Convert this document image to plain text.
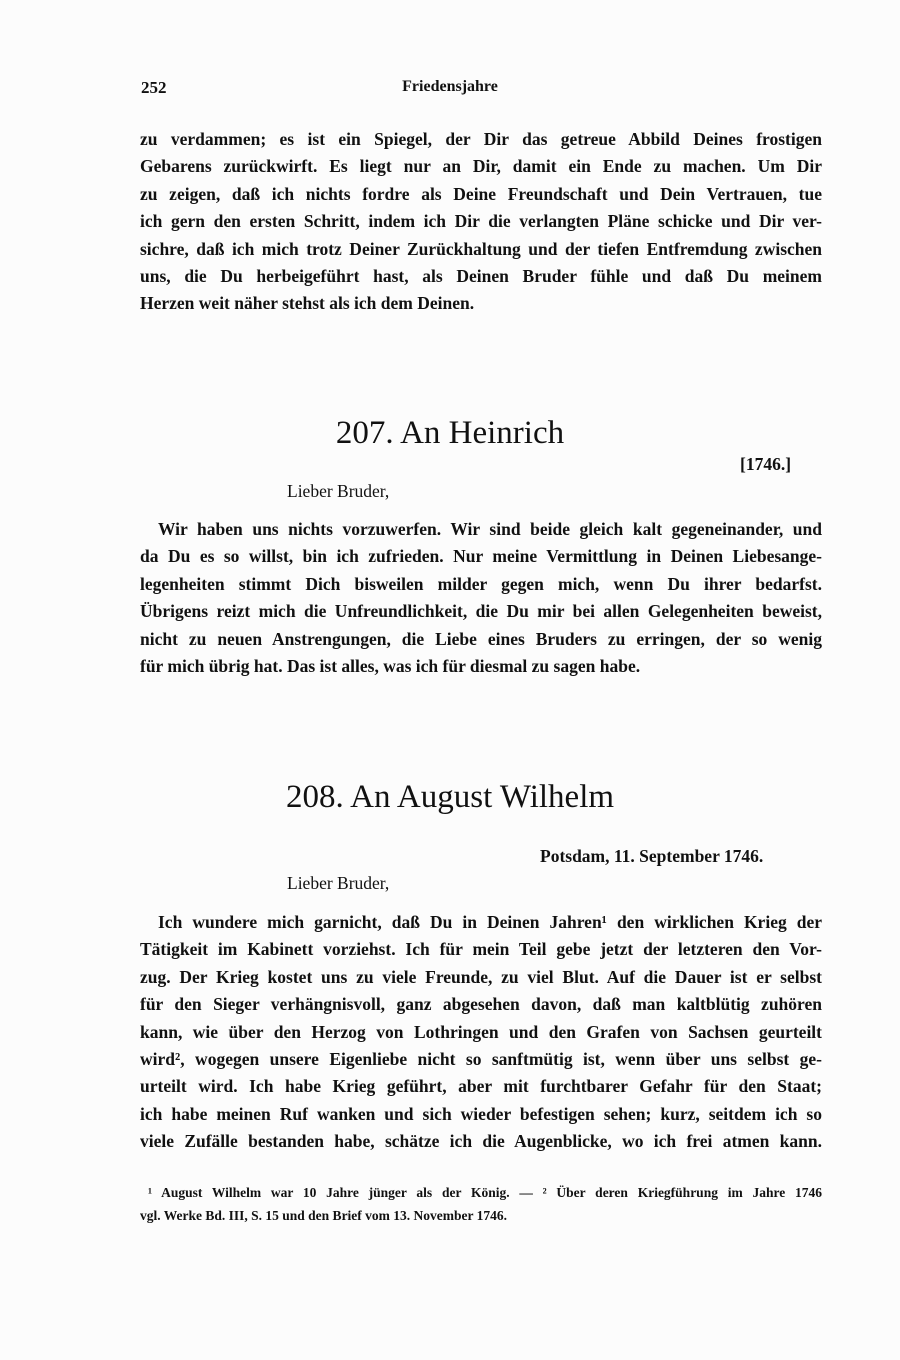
252	Friedensjahre
zu verdammen; es ist ein Spiegel, der Dir das getreue Abbild Deines frostigen
Gebarens zurückwirft. Es liegt nur an Dir, damit ein Ende zu machen. Um Dir
zu zeigen, daß ich nichts fordre als Deine Freundschaft und Dein Vertrauen, tue
ich gern den ersten Schritt, indem ich Dir die verlangten Pläne schicke und Dir ver-
sichre, daß ich mich trotz Deiner Zurückhaltung und der tiefen Entfremdung zwischen
uns, die Du herbeigeführt hast, als Deinen Bruder fühle und daß Du meinem
Herzen weit näher stehst als ich dem Deinen.
207. An Heinrich
[1746.]
Lieber Bruder,
Wir haben uns nichts vorzuwerfen. Wir sind beide gleich kalt gegeneinander, und
da Du es so willst, bin ich zufrieden. Nur meine Vermittlung in Deinen Liebesange-
legenheiten stimmt Dich bisweilen milder gegen mich, wenn Du ihrer bedarfst.
Übrigens reizt mich die Unfreundlichkeit, die Du mir bei allen Gelegenheiten beweist,
nicht zu neuen Anstrengungen, die Liebe eines Bruders zu erringen, der so wenig
für mich übrig hat. Das ist alles, was ich für diesmal zu sagen habe.
208. An August Wilhelm
Potsdam, 11. September 1746.
Lieber Bruder,
Ich wundere mich garnicht, daß Du in Deinen Jahren¹ den wirklichen Krieg der
Tätigkeit im Kabinett vorziehst. Ich für mein Teil gebe jetzt der letzteren den Vor-
zug. Der Krieg kostet uns zu viele Freunde, zu viel Blut. Auf die Dauer ist er selbst
für den Sieger verhängnisvoll, ganz abgesehen davon, daß man kaltblütig zuhören
kann, wie über den Herzog von Lothringen und den Grafen von Sachsen geurteilt
wird², wogegen unsere Eigenliebe nicht so sanftmütig ist, wenn über uns selbst ge-
urteilt wird. Ich habe Krieg geführt, aber mit furchtbarer Gefahr für den Staat;
ich habe meinen Ruf wanken und sich wieder befestigen sehen; kurz, seitdem ich so
viele Zufälle bestanden habe, schätze ich die Augenblicke, wo ich frei atmen kann.
¹ August Wilhelm war 10 Jahre jünger als der König. — ² Über deren Kriegführung im Jahre 1746
vgl. Werke Bd. III, S. 15 und den Brief vom 13. November 1746.
